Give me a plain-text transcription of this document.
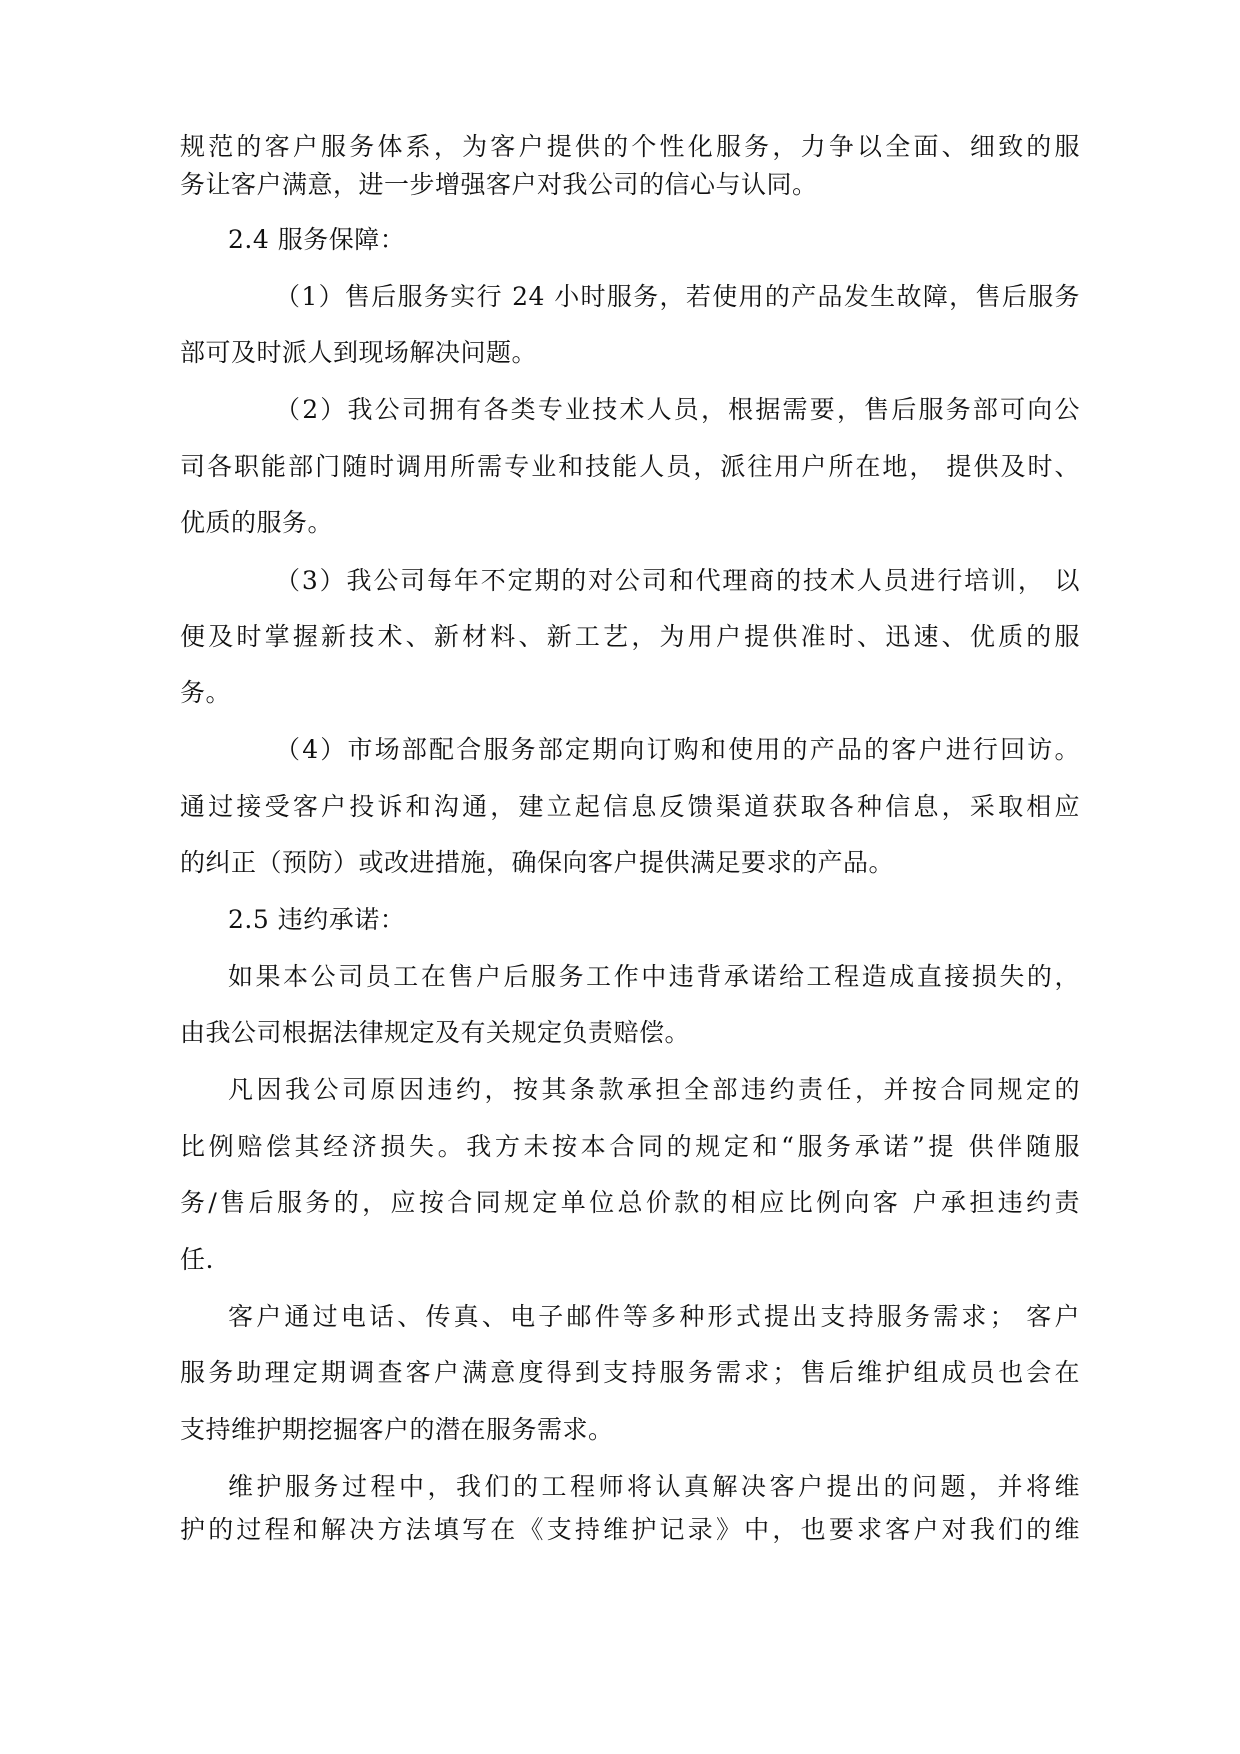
规范的客户服务体系，为客户提供的个性化服务，力争以全面、细致的服
务让客户满意，进一步增强客户对我公司的信心与认同。
2.4 服务保障：
（1）售后服务实行 24 小时服务，若使用的产品发生故障，售后服务
部可及时派人到现场解决问题。
（2）我公司拥有各类专业技术人员，根据需要，售后服务部可向公
司各职能部门随时调用所需专业和技能人员，派往用户所在地， 提供及时、
优质的服务。
（3）我公司每年不定期的对公司和代理商的技术人员进行培训， 以
便及时掌握新技术、新材料、新工艺，为用户提供准时、迅速、优质的服
务。
（4）市场部配合服务部定期向订购和使用的产品的客户进行回访。
通过接受客户投诉和沟通，建立起信息反馈渠道获取各种信息，采取相应
的纠正（预防）或改进措施，确保向客户提供满足要求的产品。
2.5 违约承诺：
如果本公司员工在售户后服务工作中违背承诺给工程造成直接损失的，
由我公司根据法律规定及有关规定负责赔偿。
凡因我公司原因违约，按其条款承担全部违约责任，并按合同规定的
比例赔偿其经济损失。我方未按本合同的规定和“服务承诺”提 供伴随服
务/售后服务的，应按合同规定单位总价款的相应比例向客 户承担违约责
任.
客户通过电话、传真、电子邮件等多种形式提出支持服务需求； 客户
服务助理定期调查客户满意度得到支持服务需求；售后维护组成员也会在
支持维护期挖掘客户的潜在服务需求。
维护服务过程中，我们的工程师将认真解决客户提出的问题，并将维
护的过程和解决方法填写在《支持维护记录》中，也要求客户对我们的维
